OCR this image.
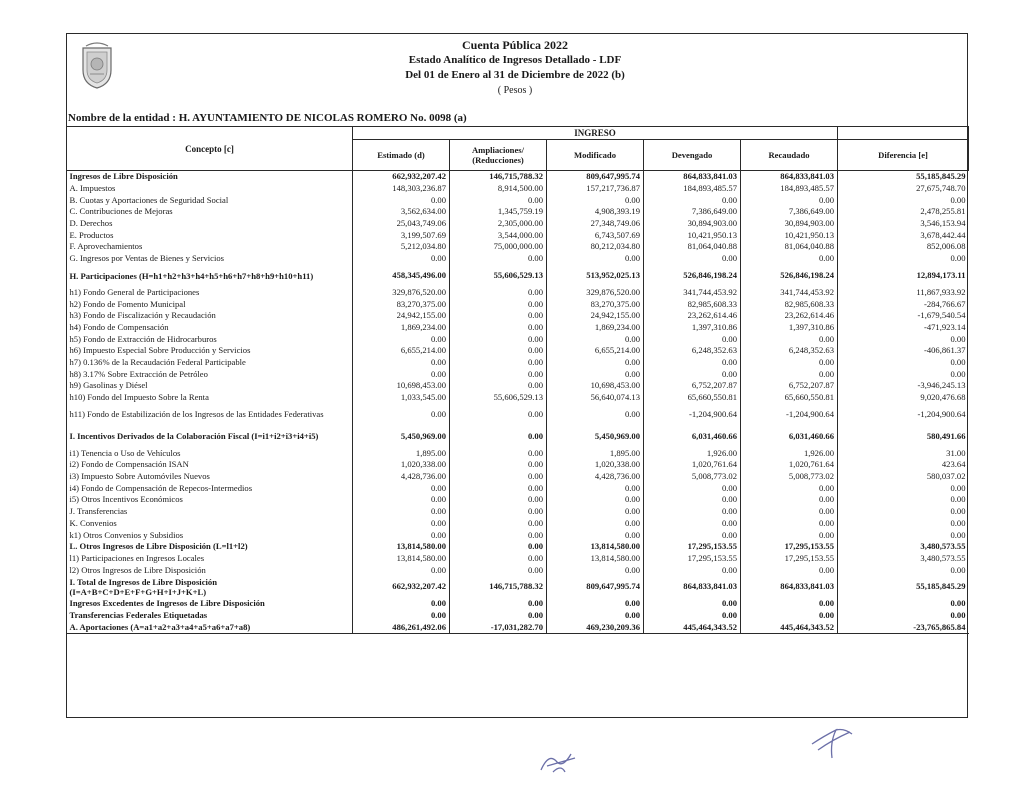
Cuenta Pública 2022
Estado Analítico de Ingresos Detallado - LDF
Del 01 de Enero al 31 de Diciembre de 2022 (b)
( Pesos )
Nombre de la entidad : H. AYUNTAMIENTO DE NICOLAS ROMERO No. 0098 (a)
Concepto [c]	INGRESO					
	Estimado (d)	Ampliaciones/ (Reducciones)	Modificado	Devengado	Recaudado	Diferencia [e]
Ingresos de Libre Disposición	662,932,207.42	146,715,788.32	809,647,995.74	864,833,841.03	864,833,841.03	55,185,845.29
A. Impuestos	148,303,236.87	8,914,500.00	157,217,736.87	184,893,485.57	184,893,485.57	27,675,748.70
B. Cuotas y Aportaciones de Seguridad Social	0.00	0.00	0.00	0.00	0.00	0.00
C. Contribuciones de Mejoras	3,562,634.00	1,345,759.19	4,908,393.19	7,386,649.00	7,386,649.00	2,478,255.81
D. Derechos	25,043,749.06	2,305,000.00	27,348,749.06	30,894,903.00	30,894,903.00	3,546,153.94
E. Productos	3,199,507.69	3,544,000.00	6,743,507.69	10,421,950.13	10,421,950.13	3,678,442.44
F. Aprovechamientos	5,212,034.80	75,000,000.00	80,212,034.80	81,064,040.88	81,064,040.88	852,006.08
G. Ingresos por Ventas de Bienes y Servicios	0.00	0.00	0.00	0.00	0.00	0.00
H. Participaciones (H=h1+h2+h3+h4+h5+h6+h7+h8+h9+h10+h11)	458,345,496.00	55,606,529.13	513,952,025.13	526,846,198.24	526,846,198.24	12,894,173.11
h1) Fondo General de Participaciones	329,876,520.00	0.00	329,876,520.00	341,744,453.92	341,744,453.92	11,867,933.92
h2) Fondo de Fomento Municipal	83,270,375.00	0.00	83,270,375.00	82,985,608.33	82,985,608.33	-284,766.67
h3) Fondo de Fiscalización y Recaudación	24,942,155.00	0.00	24,942,155.00	23,262,614.46	23,262,614.46	-1,679,540.54
h4) Fondo de Compensación	1,869,234.00	0.00	1,869,234.00	1,397,310.86	1,397,310.86	-471,923.14
h5) Fondo de Extracción de Hidrocarburos	0.00	0.00	0.00	0.00	0.00	0.00
h6) Impuesto Especial Sobre Producción y Servicios	6,655,214.00	0.00	6,655,214.00	6,248,352.63	6,248,352.63	-406,861.37
h7) 0.136% de la Recaudación Federal Participable	0.00	0.00	0.00	0.00	0.00	0.00
h8) 3.17% Sobre Extracción de Petróleo	0.00	0.00	0.00	0.00	0.00	0.00
h9) Gasolinas y Diésel	10,698,453.00	0.00	10,698,453.00	6,752,207.87	6,752,207.87	-3,946,245.13
h10) Fondo del Impuesto Sobre la Renta	1,033,545.00	55,606,529.13	56,640,074.13	65,660,550.81	65,660,550.81	9,020,476.68
h11) Fondo de Estabilización de los Ingresos de las Entidades Federativas	0.00	0.00	0.00	-1,204,900.64	-1,204,900.64	-1,204,900.64
I. Incentivos Derivados de la Colaboración Fiscal (I=i1+i2+i3+i4+i5)	5,450,969.00	0.00	5,450,969.00	6,031,460.66	6,031,460.66	580,491.66
i1) Tenencia o Uso de Vehículos	1,895.00	0.00	1,895.00	1,926.00	1,926.00	31.00
i2) Fondo de Compensación ISAN	1,020,338.00	0.00	1,020,338.00	1,020,761.64	1,020,761.64	423.64
i3) Impuesto Sobre Automóviles Nuevos	4,428,736.00	0.00	4,428,736.00	5,008,773.02	5,008,773.02	580,037.02
i4) Fondo de Compensación de Repecos-Intermedios	0.00	0.00	0.00	0.00	0.00	0.00
i5) Otros Incentivos Económicos	0.00	0.00	0.00	0.00	0.00	0.00
J. Transferencias	0.00	0.00	0.00	0.00	0.00	0.00
K. Convenios	0.00	0.00	0.00	0.00	0.00	0.00
k1) Otros Convenios y Subsidios	0.00	0.00	0.00	0.00	0.00	0.00
L. Otros Ingresos de Libre Disposición (L=l1+l2)	13,814,580.00	0.00	13,814,580.00	17,295,153.55	17,295,153.55	3,480,573.55
l1) Participaciones en Ingresos Locales	13,814,580.00	0.00	13,814,580.00	17,295,153.55	17,295,153.55	3,480,573.55
l2) Otros Ingresos de Libre Disposición	0.00	0.00	0.00	0.00	0.00	0.00
I. Total de Ingresos de Libre Disposición (I=A+B+C+D+E+F+G+H+I+J+K+L)	662,932,207.42	146,715,788.32	809,647,995.74	864,833,841.03	864,833,841.03	55,185,845.29
Ingresos Excedentes de Ingresos de Libre Disposición	0.00	0.00	0.00	0.00	0.00	0.00
Transferencias Federales Etiquetadas	0.00	0.00	0.00	0.00	0.00	0.00
A. Aportaciones (A=a1+a2+a3+a4+a5+a6+a7+a8)	486,261,492.06	-17,031,282.70	469,230,209.36	445,464,343.52	445,464,343.52	-23,765,865.84
